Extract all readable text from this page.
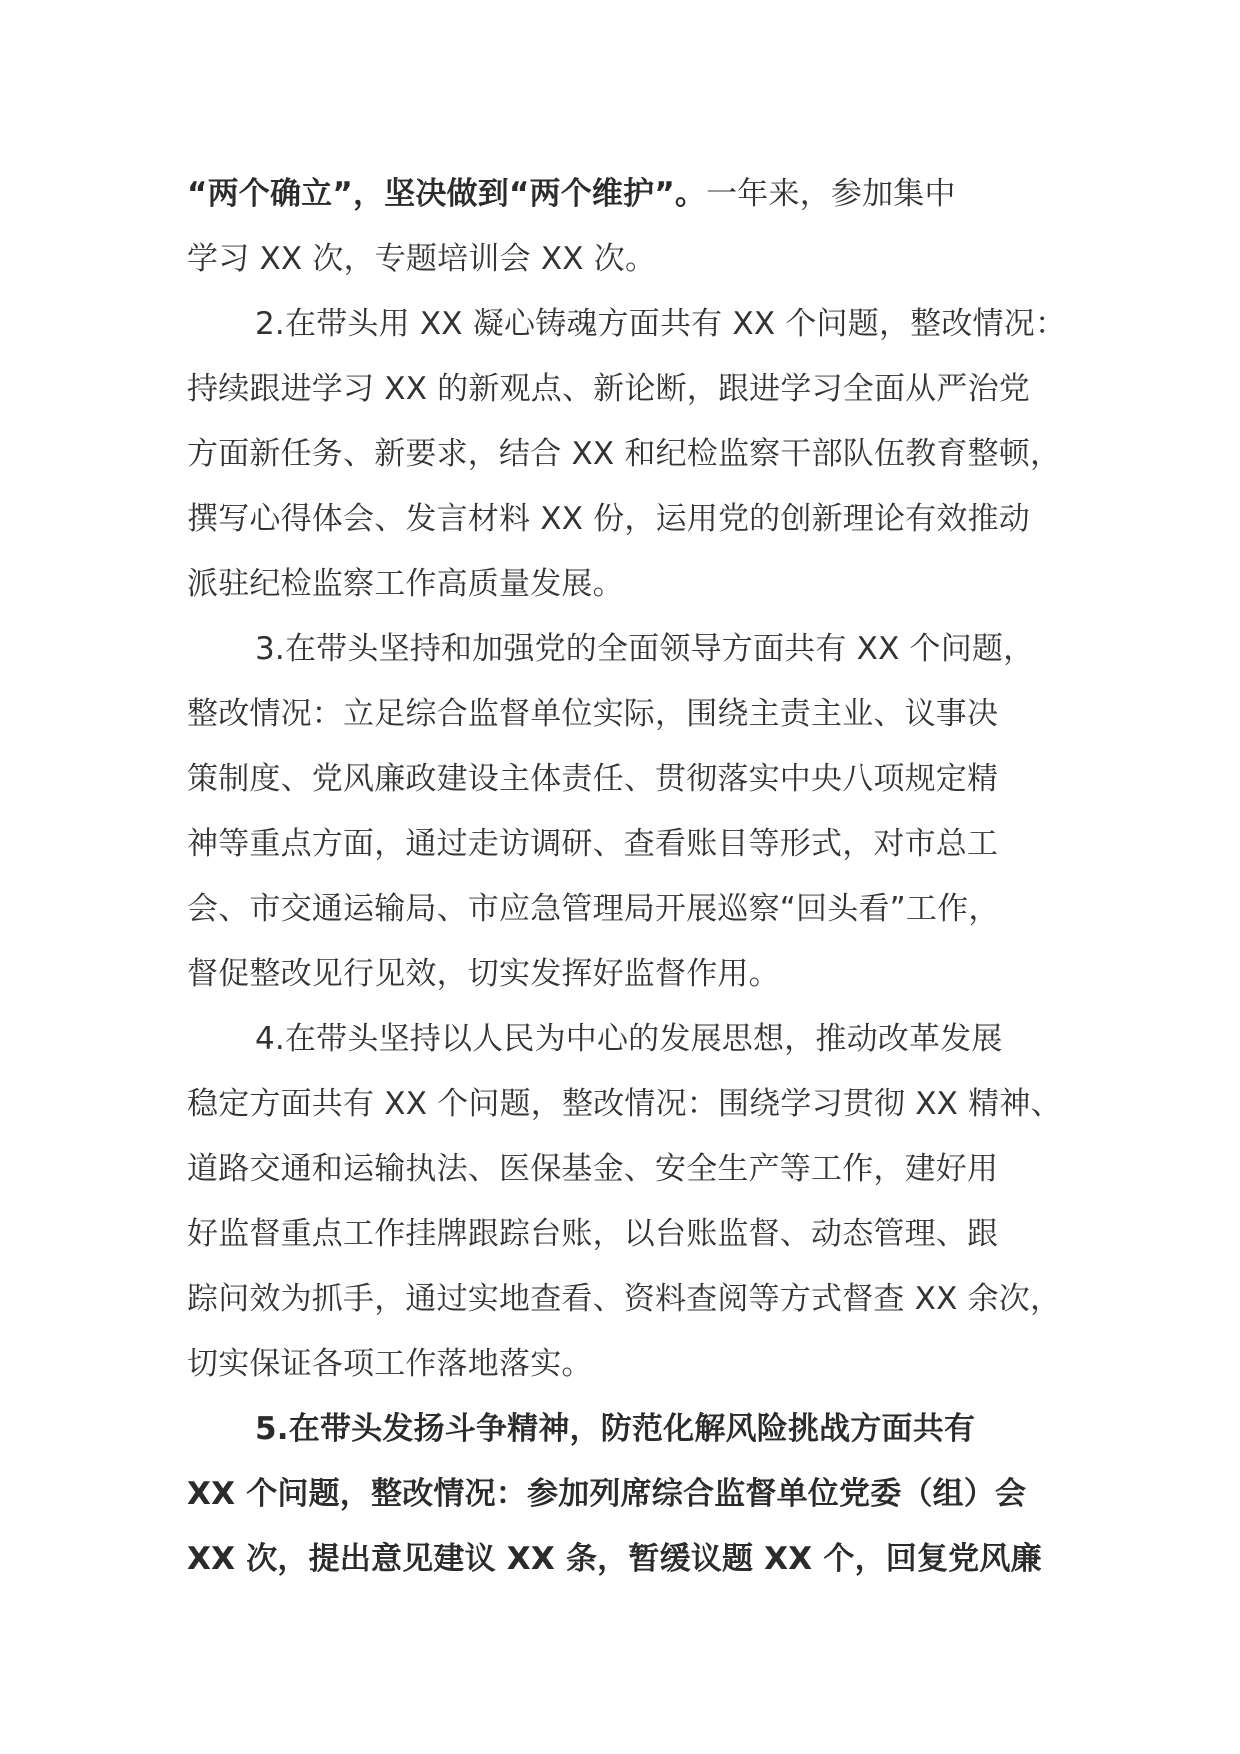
“两个确立”，坚决做到“两个维护”。一年来，参加集中
学习 XX 次，专题培训会 XX 次。
2.在带头用 XX 凝心铸魂方面共有 XX 个问题，整改情况：
持续跟进学习 XX 的新观点、新论断，跟进学习全面从严治党
方面新任务、新要求，结合 XX 和纪检监察干部队伍教育整顿，
撰写心得体会、发言材料 XX 份，运用党的创新理论有效推动
派驻纪检监察工作高质量发展。
3.在带头坚持和加强党的全面领导方面共有 XX 个问题，
整改情况：立足综合监督单位实际，围绕主责主业、议事决
策制度、党风廉政建设主体责任、贯彻落实中央八项规定精
神等重点方面，通过走访调研、查看账目等形式，对市总工
会、市交通运输局、市应急管理局开展巡察“回头看”工作，
督促整改见行见效，切实发挥好监督作用。
4.在带头坚持以人民为中心的发展思想，推动改革发展
稳定方面共有 XX 个问题，整改情况：围绕学习贯彻 XX 精神、
道路交通和运输执法、医保基金、安全生产等工作，建好用
好监督重点工作挂牌跟踪台账，以台账监督、动态管理、跟
踪问效为抓手，通过实地查看、资料查阅等方式督查 XX 余次，
切实保证各项工作落地落实。
5.在带头发扬斗争精神，防范化解风险挑战方面共有
XX 个问题，整改情况：参加列席综合监督单位党委（组）会
XX 次，提出意见建议 XX 条，暂缓议题 XX 个，回复党风廉
